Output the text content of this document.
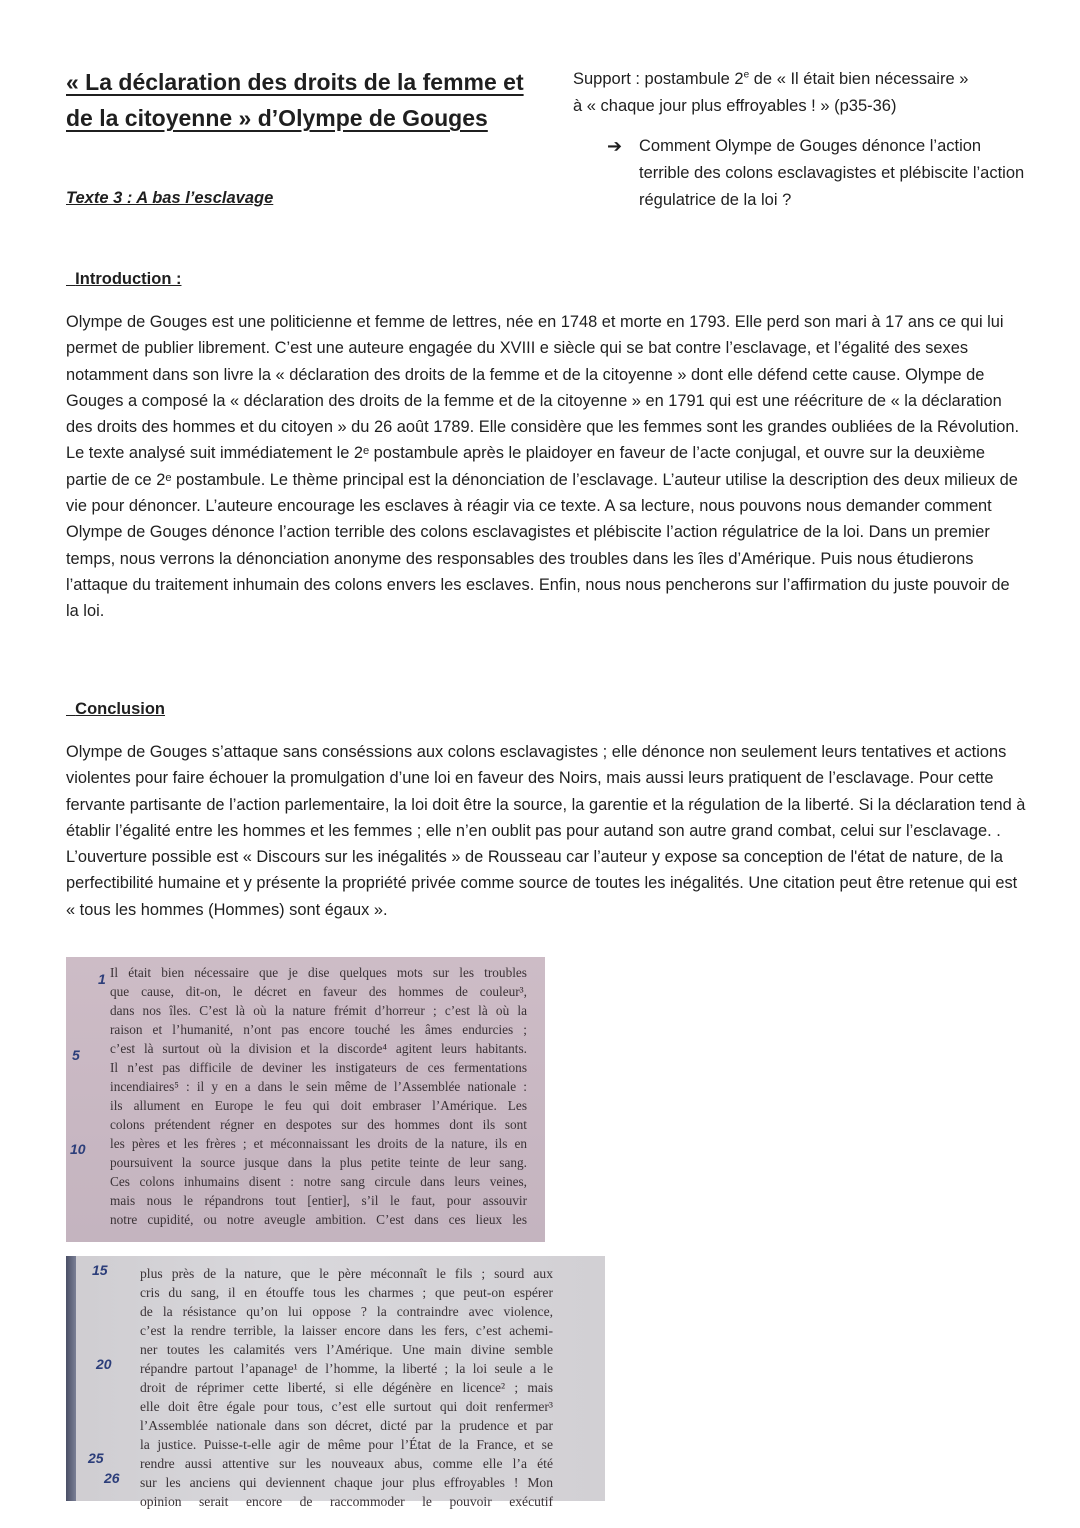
« La déclaration des droits de la femme et de la citoyenne » d’Olympe de Gouges
Texte 3 : A bas l’esclavage
Support : postambule 2e de « Il était bien nécessaire »
à « chaque jour plus effroyables ! » (p35-36)
➔ Comment Olympe de Gouges dénonce l’action terrible des colons esclavagistes et plébiscite l’action régulatrice de la loi ?
Introduction :
Olympe de Gouges est une politicienne et femme de lettres, née en 1748 et morte en 1793. Elle perd son mari à 17 ans ce qui lui permet de publier librement. C’est une auteure engagée du XVIII e siècle qui se bat contre l’esclavage, et l’égalité des sexes notamment dans son livre la « déclaration des droits de la femme et de la citoyenne » dont elle défend cette cause. Olympe de Gouges a composé la « déclaration des droits de la femme et de la citoyenne » en 1791 qui est une réécriture de « la déclaration des droits des hommes et du citoyen » du 26 août 1789. Elle considère que les femmes sont les grandes oubliées de la Révolution. Le texte analysé suit immédiatement le 2ᵉ postambule après le plaidoyer en faveur de l’acte conjugal, et ouvre sur la deuxième partie de ce 2ᵉ postambule. Le thème principal est la dénonciation de l’esclavage. L’auteur utilise la description des deux milieux de vie pour dénoncer. L’auteure encourage les esclaves à réagir via ce texte. A sa lecture, nous pouvons nous demander comment Olympe de Gouges dénonce l’action terrible des colons esclavagistes et plébiscite l’action régulatrice de la loi. Dans un premier temps, nous verrons la dénonciation anonyme des responsables des troubles dans les îles d’Amérique. Puis nous étudierons l’attaque du traitement inhumain des colons envers les esclaves. Enfin, nous nous pencherons sur l’affirmation du juste pouvoir de la loi.
Conclusion
Olympe de Gouges s’attaque sans conséssions aux colons esclavagistes ; elle dénonce non seulement leurs tentatives et actions violentes pour faire échouer la promulgation d’une loi en faveur des Noirs, mais aussi leurs pratiquent de l’esclavage. Pour cette fervante partisante de l’action parlementaire, la loi doit être la source, la garentie et la régulation de la liberté. Si la déclaration tend à établir l’égalité entre les hommes et les femmes ; elle n’en oublit pas pour autand son autre grand combat, celui sur l’esclavage. . L’ouverture possible est « Discours sur les inégalités » de Rousseau car l’auteur y expose sa conception de l'état de nature, de la perfectibilité humaine et y présente la propriété privée comme source de toutes les inégalités. Une citation peut être retenue qui est « tous les hommes (Hommes) sont égaux ».
1
5
10
Il était bien nécessaire que je dise quelques mots sur les troubles
que cause, dit-on, le décret en faveur des hommes de couleur³,
dans nos îles. C’est là où la nature frémit d’horreur ; c’est là où la
raison et l’humanité, n’ont pas encore touché les âmes endurcies ;
c’est là surtout où la division et la discorde⁴ agitent leurs habitants.
Il n’est pas difficile de deviner les instigateurs de ces fermentations
incendiaires⁵ : il y en a dans le sein même de l’Assemblée nationale :
ils allument en Europe le feu qui doit embraser l’Amérique. Les
colons prétendent régner en despotes sur des hommes dont ils sont
les pères et les frères ; et méconnaissant les droits de la nature, ils en
poursuivent la source jusque dans la plus petite teinte de leur sang.
Ces colons inhumains disent : notre sang circule dans leurs veines,
mais nous le répandrons tout [entier], s’il le faut, pour assouvir
notre cupidité, ou notre aveugle ambition. C’est dans ces lieux les
15
20
25
26
plus près de la nature, que le père méconnaît le fils ; sourd aux
cris du sang, il en étouffe tous les charmes ; que peut-on espérer
de la résistance qu’on lui oppose ? la contraindre avec violence,
c’est la rendre terrible, la laisser encore dans les fers, c’est achemi-
ner toutes les calamités vers l’Amérique. Une main divine semble
répandre partout l’apanage¹ de l’homme, la liberté ; la loi seule a le
droit de réprimer cette liberté, si elle dégénère en licence² ; mais
elle doit être égale pour tous, c’est elle surtout qui doit renfermer³
l’Assemblée nationale dans son décret, dicté par la prudence et par
la justice. Puisse-t-elle agir de même pour l’État de la France, et se
rendre aussi attentive sur les nouveaux abus, comme elle l’a été
sur les anciens qui deviennent chaque jour plus effroyables ! Mon
opinion serait encore de raccommoder le pouvoir exécutif
